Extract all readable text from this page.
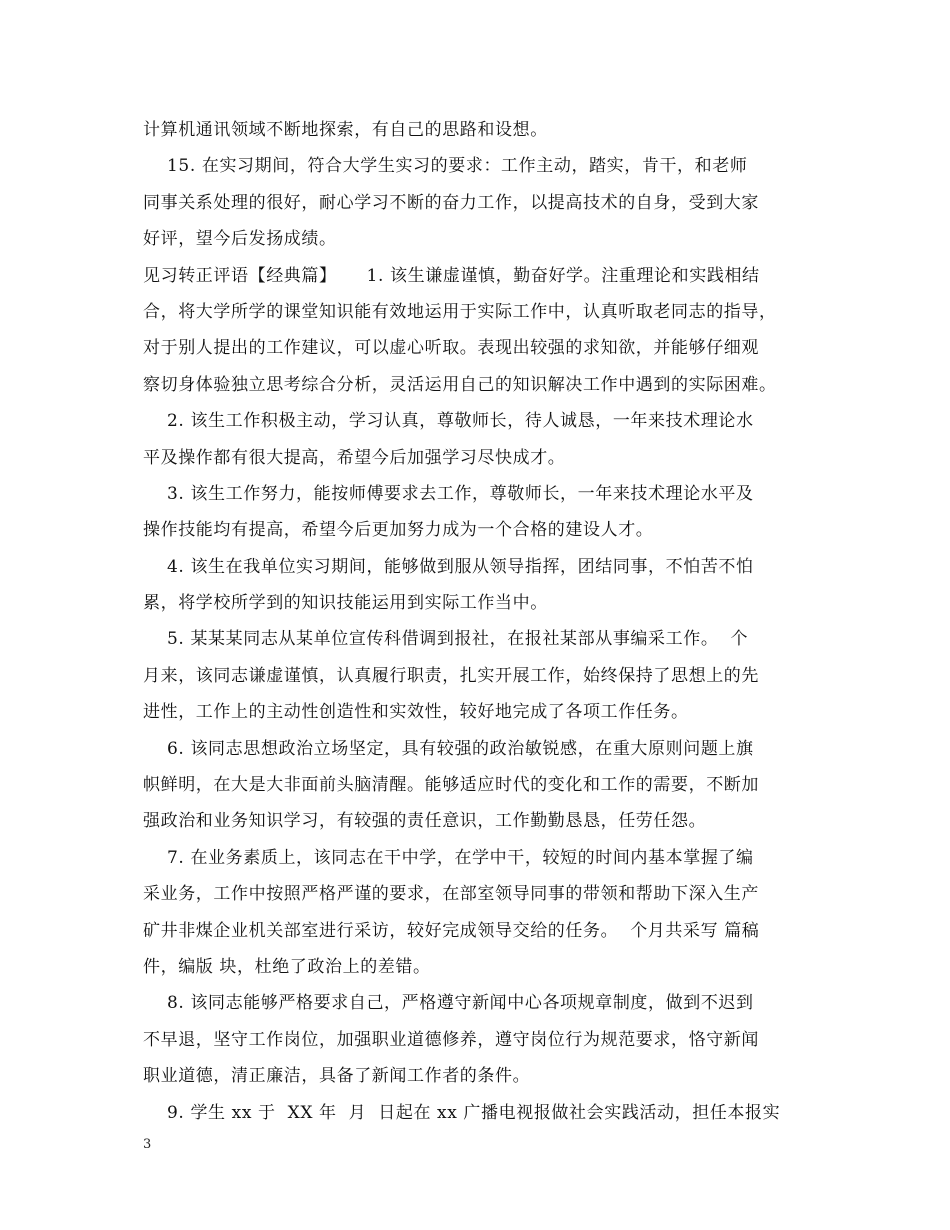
计算机通讯领域不断地探索，有自己的思路和设想。
15. 在实习期间，符合大学生实习的要求：工作主动，踏实，肯干，和老师
同事关系处理的很好，耐心学习不断的奋力工作，以提高技术的自身，受到大家
好评，望今后发扬成绩。
见习转正评语【经典篇】     1. 该生谦虚谨慎，勤奋好学。注重理论和实践相结
合，将大学所学的课堂知识能有效地运用于实际工作中，认真听取老同志的指导，
对于别人提出的工作建议，可以虚心听取。表现出较强的求知欲，并能够仔细观
察切身体验独立思考综合分析，灵活运用自己的知识解决工作中遇到的实际困难。
2. 该生工作积极主动，学习认真，尊敬师长，待人诚恳，一年来技术理论水
平及操作都有很大提高，希望今后加强学习尽快成才。
3. 该生工作努力，能按师傅要求去工作，尊敬师长，一年来技术理论水平及
操作技能均有提高，希望今后更加努力成为一个合格的建设人才。
4. 该生在我单位实习期间，能够做到服从领导指挥，团结同事，不怕苦不怕
累，将学校所学到的知识技能运用到实际工作当中。
5. 某某某同志从某单位宣传科借调到报社，在报社某部从事编采工作。  个
月来，该同志谦虚谨慎，认真履行职责，扎实开展工作，始终保持了思想上的先
进性，工作上的主动性创造性和实效性，较好地完成了各项工作任务。
6. 该同志思想政治立场坚定，具有较强的政治敏锐感，在重大原则问题上旗
帜鲜明，在大是大非面前头脑清醒。能够适应时代的变化和工作的需要，不断加
强政治和业务知识学习，有较强的责任意识，工作勤勤恳恳，任劳任怨。
7. 在业务素质上，该同志在干中学，在学中干，较短的时间内基本掌握了编
采业务，工作中按照严格严谨的要求，在部室领导同事的带领和帮助下深入生产
矿井非煤企业机关部室进行采访，较好完成领导交给的任务。  个月共采写 篇稿
件，编版 块，杜绝了政治上的差错。
8. 该同志能够严格要求自己，严格遵守新闻中心各项规章制度，做到不迟到
不早退，坚守工作岗位，加强职业道德修养，遵守岗位行为规范要求，恪守新闻
职业道德，清正廉洁，具备了新闻工作者的条件。
9. 学生 xx 于  XX 年  月  日起在 xx 广播电视报做社会实践活动，担任本报实
3
